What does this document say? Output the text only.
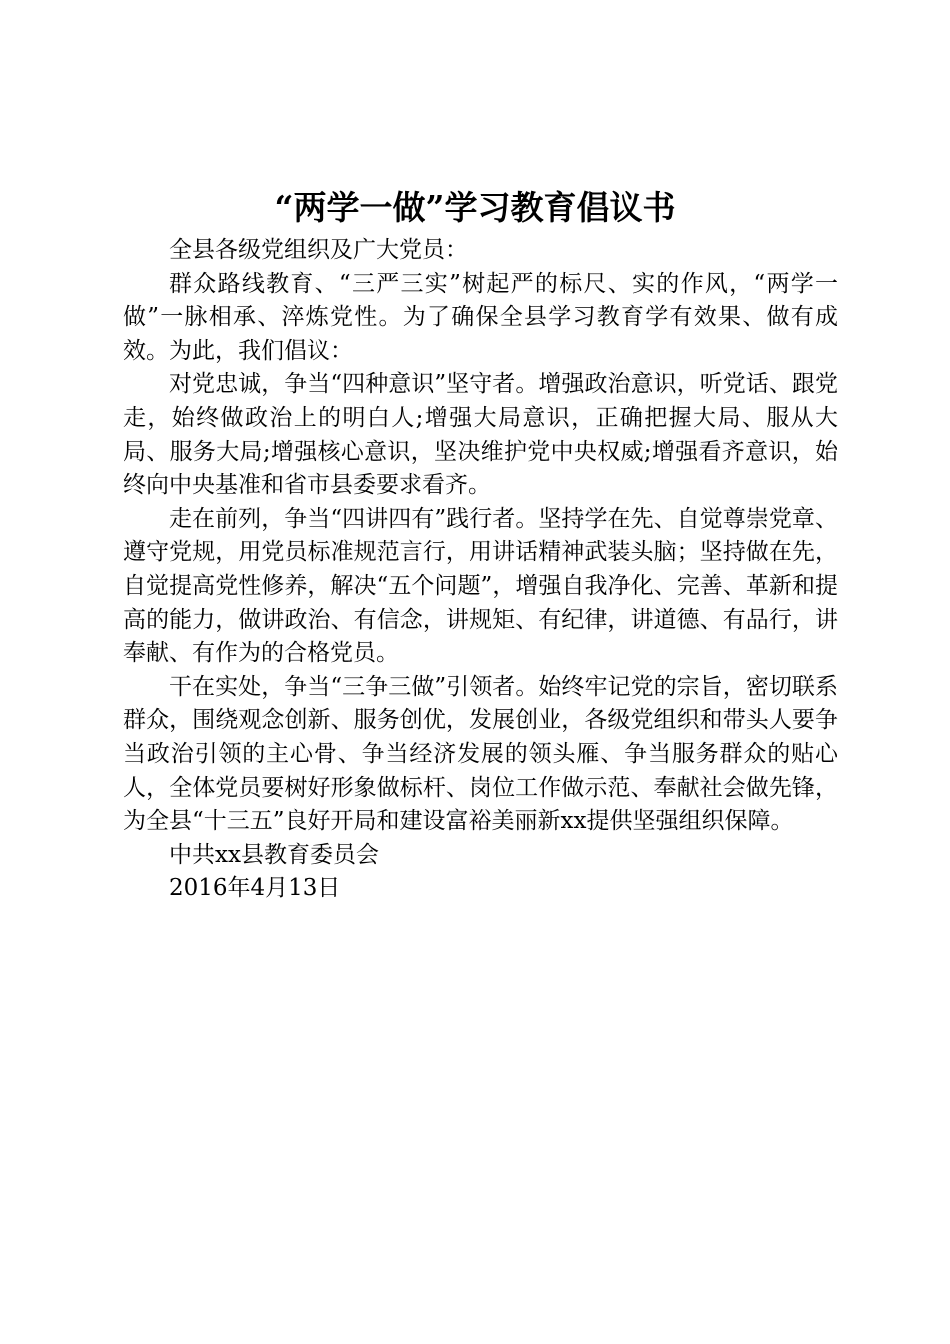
“两学一做”学习教育倡议书

全县各级党组织及广大党员：

群众路线教育、“三严三实”树起严的标尺、实的作风，“两学一做”一脉相承、淬炼党性。为了确保全县学习教育学有效果、做有成效。为此，我们倡议：

对党忠诚，争当“四种意识”坚守者。增强政治意识，听党话、跟党走，始终做政治上的明白人;增强大局意识，正确把握大局、服从大局、服务大局;增强核心意识，坚决维护党中央权威;增强看齐意识，始终向中央基准和省市县委要求看齐。

走在前列，争当“四讲四有”践行者。坚持学在先、自觉尊崇党章、遵守党规，用党员标准规范言行，用讲话精神武装头脑；坚持做在先，自觉提高党性修养，解决“五个问题”，增强自我净化、完善、革新和提高的能力，做讲政治、有信念，讲规矩、有纪律，讲道德、有品行，讲奉献、有作为的合格党员。

干在实处，争当“三争三做”引领者。始终牢记党的宗旨，密切联系群众，围绕观念创新、服务创优，发展创业，各级党组织和带头人要争当政治引领的主心骨、争当经济发展的领头雁、争当服务群众的贴心人，全体党员要树好形象做标杆、岗位工作做示范、奉献社会做先锋，为全县“十三五”良好开局和建设富裕美丽新xx提供坚强组织保障。

中共xx县教育委员会

2016年4月13日
